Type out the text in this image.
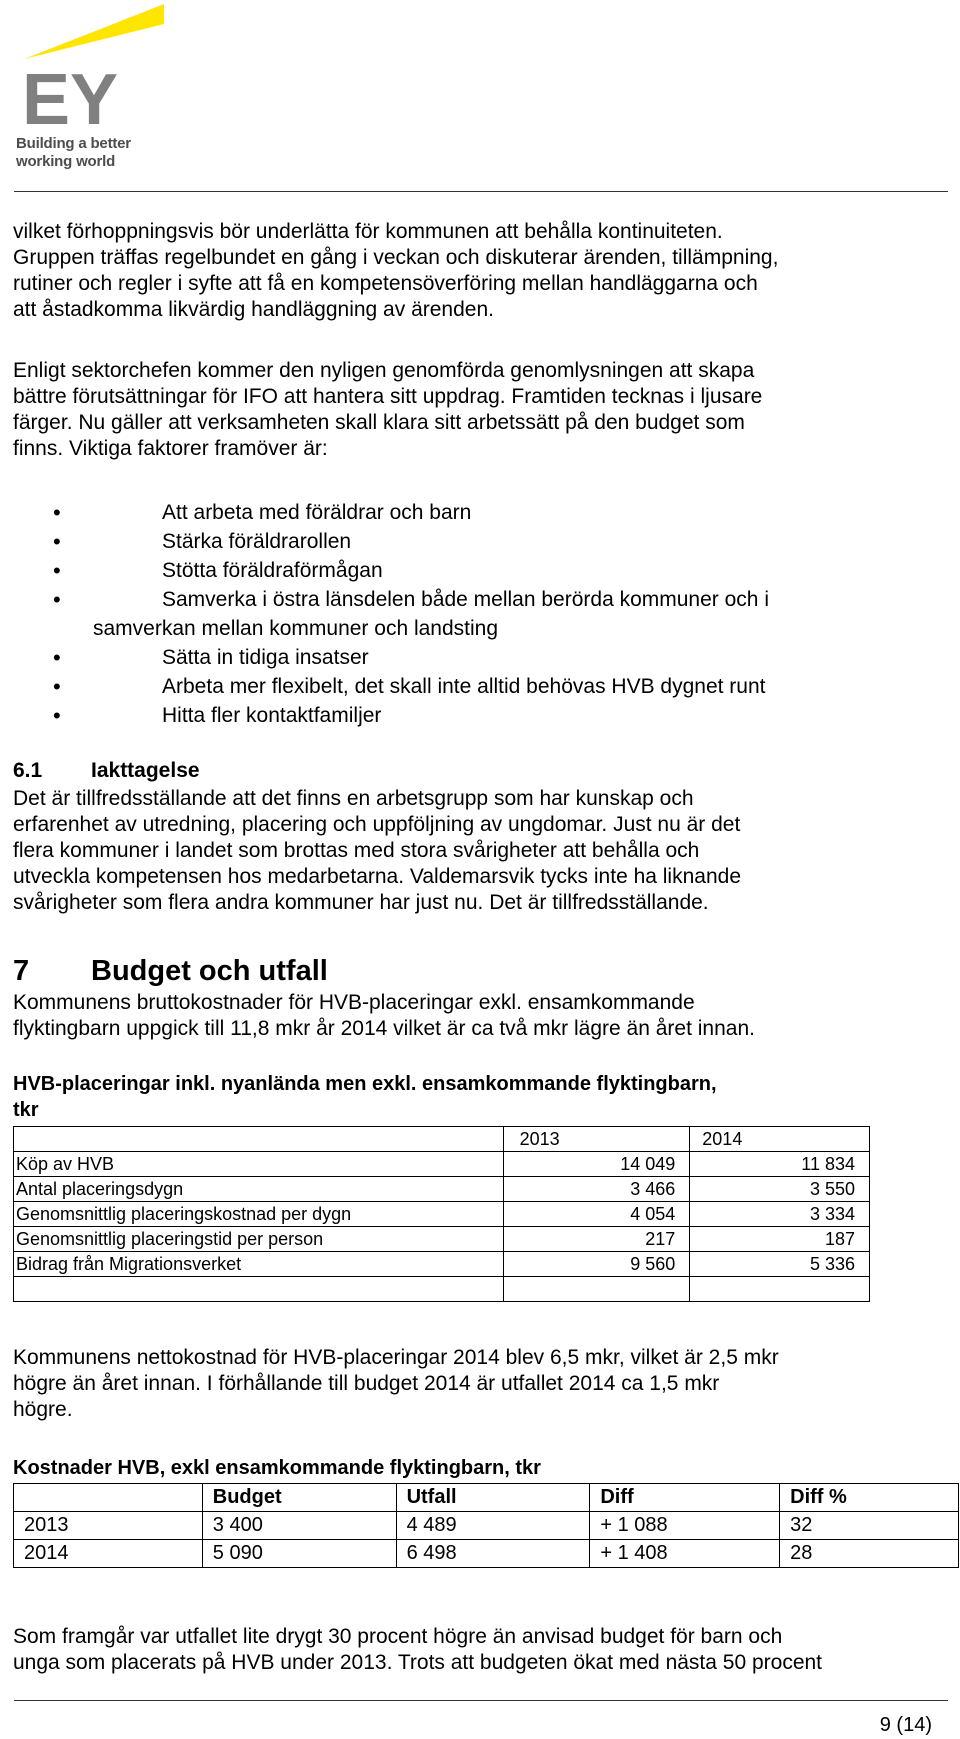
EY
Building a better
working world
vilket förhoppningsvis bör underlätta för kommunen att behålla kontinuiteten.
Gruppen träffas regelbundet en gång i veckan och diskuterar ärenden, tillämpning,
rutiner och regler i syfte att få en kompetensöverföring mellan handläggarna och
att åstadkomma likvärdig handläggning av ärenden.
Enligt sektorchefen kommer den nyligen genomförda genomlysningen att skapa
bättre förutsättningar för IFO att hantera sitt uppdrag. Framtiden tecknas i ljusare
färger. Nu gäller att verksamheten skall klara sitt arbetssätt på den budget som
finns. Viktiga faktorer framöver är:
•	Att arbeta med föräldrar och barn
•	Stärka föräldrarollen
•	Stötta föräldraförmågan
•	Samverka i östra länsdelen både mellan berörda kommuner och i
samverkan mellan kommuner och landsting
•	Sätta in tidiga insatser
•	Arbeta mer flexibelt, det skall inte alltid behövas HVB dygnet runt
•	Hitta fler kontaktfamiljer
6.1 Iakttagelse
Det är tillfredsställande att det finns en arbetsgrupp som har kunskap och
erfarenhet av utredning, placering och uppföljning av ungdomar. Just nu är det
flera kommuner i landet som brottas med stora svårigheter att behålla och
utveckla kompetensen hos medarbetarna. Valdemarsvik tycks inte ha liknande
svårigheter som flera andra kommuner har just nu. Det är tillfredsställande.
7 Budget och utfall
Kommunens bruttokostnader för HVB-placeringar exkl. ensamkommande
flyktingbarn uppgick till 11,8 mkr år 2014 vilket är ca två mkr lägre än året innan.
HVB-placeringar inkl. nyanlända men exkl. ensamkommande flyktingbarn,
tkr
	2013	2014
Köp av HVB	14 049	11 834
Antal placeringsdygn	3 466	3 550
Genomsnittlig placeringskostnad per dygn	4 054	3 334
Genomsnittlig placeringstid per person	217	187
Bidrag från Migrationsverket	9 560	5 336

Kommunens nettokostnad för HVB-placeringar 2014 blev 6,5 mkr, vilket är 2,5 mkr
högre än året innan. I förhållande till budget 2014 är utfallet 2014 ca 1,5 mkr
högre.
Kostnader HVB, exkl ensamkommande flyktingbarn, tkr
	Budget	Utfall	Diff	Diff %
2013	3 400	4 489	+ 1 088	32
2014	5 090	6 498	+ 1 408	28
Som framgår var utfallet lite drygt 30 procent högre än anvisad budget för barn och
unga som placerats på HVB under 2013. Trots att budgeten ökat med nästa 50 procent
9 (14)
